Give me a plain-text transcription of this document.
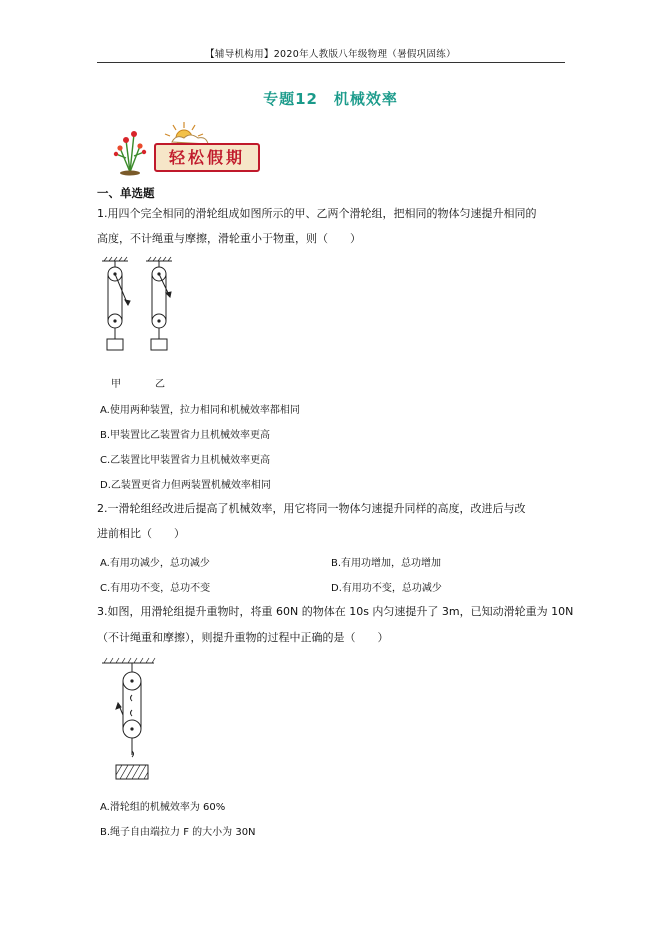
【辅导机构用】2020年人教版八年级物理（暑假巩固练）
专题12　机械效率
轻松假期
一、单选题
1.用四个完全相同的滑轮组成如图所示的甲、乙两个滑轮组，把相同的物体匀速提升相同的
高度，不计绳重与摩擦，滑轮重小于物重，则（　　）
甲	乙
A.使用两种装置，拉力相同和机械效率都相同
B.甲装置比乙装置省力且机械效率更高
C.乙装置比甲装置省力且机械效率更高
D.乙装置更省力但两装置机械效率相同
2.一滑轮组经改进后提高了机械效率，用它将同一物体匀速提升同样的高度，改进后与改
进前相比（　　）
A.有用功减少，总功减少	B.有用功增加，总功增加
C.有用功不变，总功不变	D.有用功不变，总功减少
3.如图，用滑轮组提升重物时，将重 60N 的物体在 10s 内匀速提升了 3m，已知动滑轮重为 10N
（不计绳重和摩擦），则提升重物的过程中正确的是（　　）
A.滑轮组的机械效率为 60%
B.绳子自由端拉力 F 的大小为 30N
